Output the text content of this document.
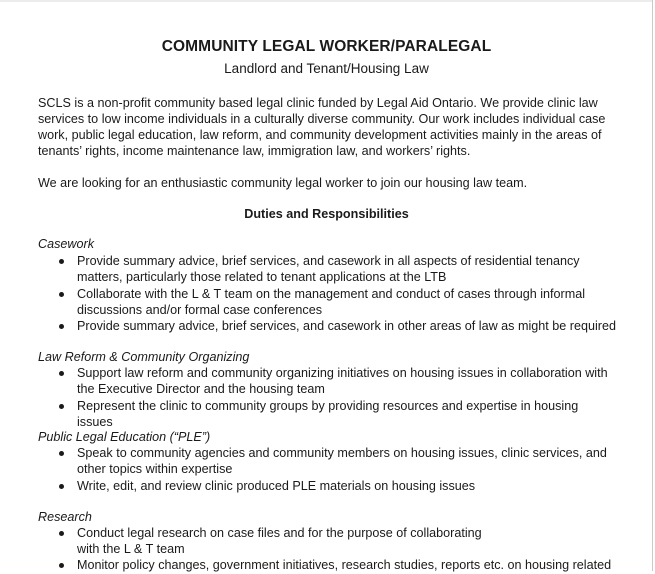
COMMUNITY LEGAL WORKER/PARALEGAL
Landlord and Tenant/Housing Law
SCLS is a non-profit community based legal clinic funded by Legal Aid Ontario. We provide clinic law services to low income individuals in a culturally diverse community. Our work includes individual case work, public legal education, law reform, and community development activities mainly in the areas of tenants’ rights, income maintenance law, immigration law, and workers’ rights.
We are looking for an enthusiastic community legal worker to join our housing law team.
Duties and Responsibilities
Casework
Provide summary advice, brief services, and casework in all aspects of residential tenancy matters, particularly those related to tenant applications at the LTB
Collaborate with the L & T team on the management and conduct of cases through informal discussions and/or formal case conferences
Provide summary advice, brief services, and casework in other areas of law as might be required
Law Reform & Community Organizing
Support law reform and community organizing initiatives on housing issues in collaboration with the Executive Director and the housing team
Represent the clinic to community groups by providing resources and expertise in housing issues
Public Legal Education (“PLE”)
Speak to community agencies and community members on housing issues, clinic services, and other topics within expertise
Write, edit, and review clinic produced PLE materials on housing issues
Research
Conduct legal research on case files and for the purpose of collaborating with the L & T team
Monitor policy changes, government initiatives, research studies, reports etc. on housing related
